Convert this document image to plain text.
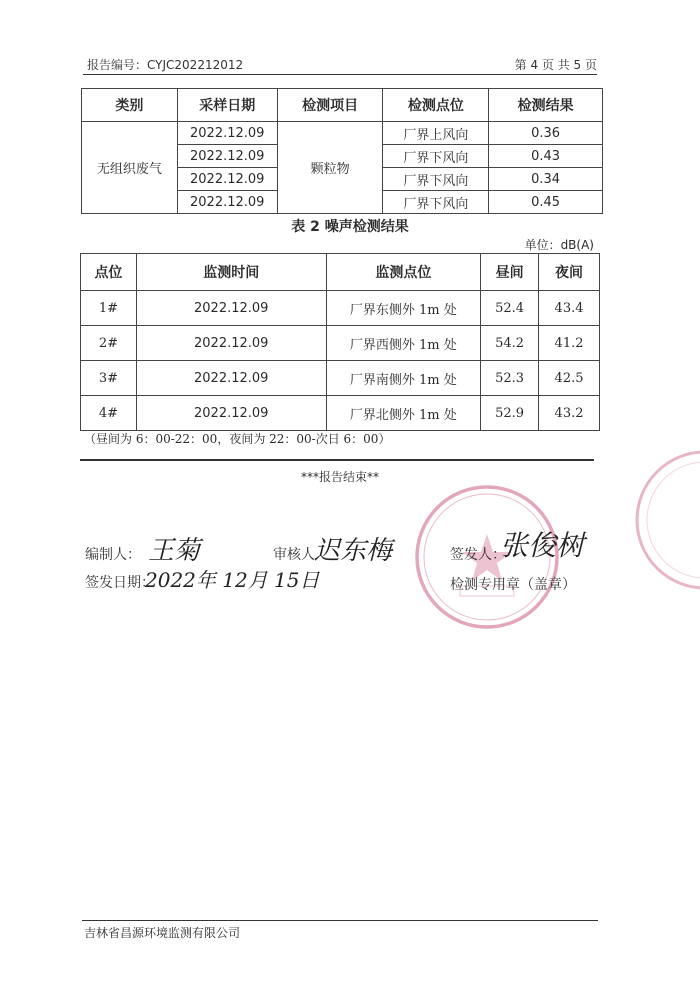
报告编号：CYJC202212012	第 4 页 共 5 页
类别	采样日期	检测项目	检测点位	检测结果
无组织废气	2022.12.09	颗粒物	厂界上风向	0.36
	2022.12.09		厂界下风向	0.43
	2022.12.09		厂界下风向	0.34
	2022.12.09		厂界下风向	0.45
表 2 噪声检测结果
单位：dB(A)
点位	监测时间	监测点位	昼间	夜间
1#	2022.12.09	厂界东侧外 1m 处	52.4	43.4
2#	2022.12.09	厂界西侧外 1m 处	54.2	41.2
3#	2022.12.09	厂界南侧外 1m 处	52.3	42.5
4#	2022.12.09	厂界北侧外 1m 处	52.9	43.2
（昼间为 6：00-22：00，夜间为 22：00-次日 6：00）
***报告结束**
编制人： 王菊	审核人 迟东梅	签发人：
张俊树
签发日期：
2022年 12月 15日	检测专用章（盖章）
吉林省昌源环境监测有限公司
